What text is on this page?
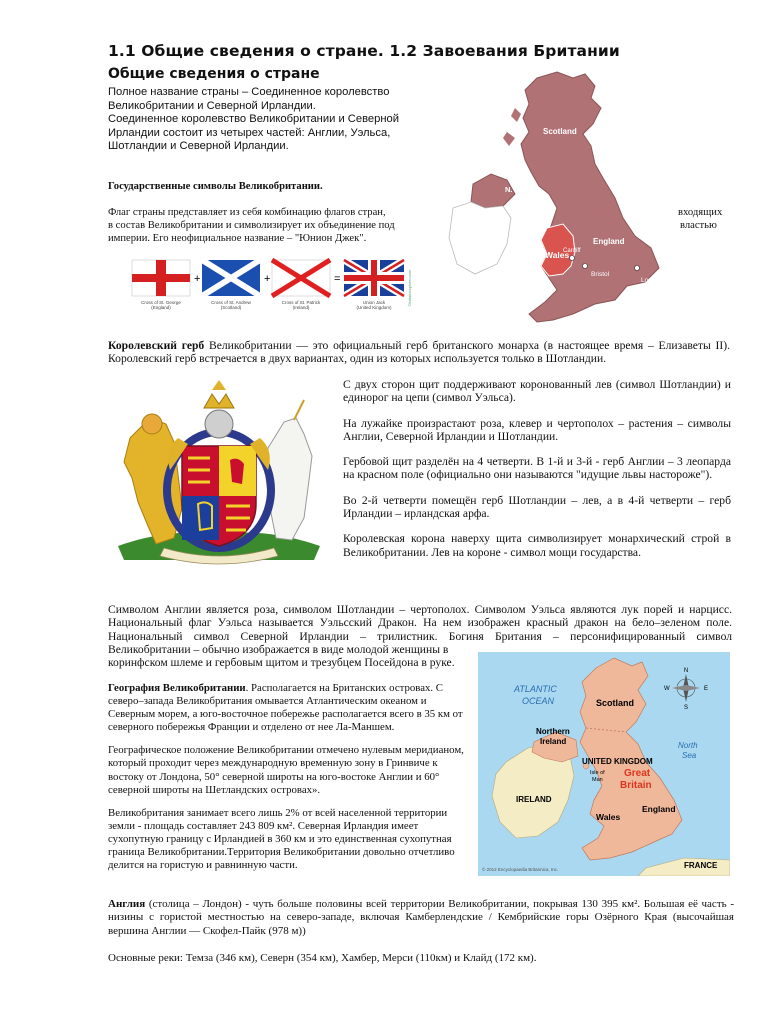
1.1 Общие сведения о стране. 1.2 Завоевания Британии
Общие сведения о стране

Полное название страны – Соединенное королевство Великобритании и Северной Ирландии.

Соединенное королевство Великобритании и Северной Ирландии состоит из четырех частей: Англии, Уэльса, Шотландии и Северной Ирландии.

Государственные символы Великобритании.
Флаг страны представляет из себя комбинацию флагов стран,	входящих
в состав Великобритании и символизирует их объединение под	властью
империи. Его неофициальное название – "Юнион Джек".
+	+	=
Cross of St. George
(England)
Cross of St. Andrew
(Scotland)
Cross of St. Patrick
(Ireland)
Union Jack
(United Kingdom)
©britainexplorer.com
Scotland
N. Ireland
England
Wales
Cardiff
Bristol
London
Королевский герб Великобритании — это официальный герб британского монарха (в настоящее время – Елизаветы II). Королевский герб встречается в двух вариантах, один из которых используется только в Шотландии.

С двух сторон щит поддерживают коронованный лев (символ Шотландии) и единорог на цепи (символ Уэльса).

На лужайке произрастают роза, клевер и чертополох – растения – символы Англии, Северной Ирландии и Шотландии.

Гербовой щит разделён на 4 четверти. В 1-й и 3-й - герб Англии – 3 леопарда на красном поле (официально они называются "идущие львы настороже").

Во 2-й четверти помещён герб Шотландии – лев, а в 4-й четверти – герб Ирландии – ирландская арфа.

Королевская корона наверху щита символизирует монархический строй в Великобритании. Лев на короне - символ мощи государства.

Символом Англии является роза, символом Шотландии – чертополох. Символом Уэльса являются лук порей и нарцисс.
Национальный флаг Уэльса называется Уэльсский Дракон. На нем изображен красный дракон на бело–зеленом поле.
Национальный символ Северной Ирландии – трилистник. Богиня Британия – персонифицированный символ
Великобритании – обычно изображается в виде молодой женщины в
коринфском шлеме и гербовым щитом и трезубцем Посейдона в руке.

География Великобритании. Располагается на Британских островах. С северо–запада Великобритания омывается Атлантическим океаном и Северным морем, а юго-восточное побережье располагается всего в 35 км от северного побережья Франции и отделено от нее Ла-Маншем.

Географическое положение Великобритании отмечено нулевым меридианом, который проходит через международную временную зону в Гринвиче к востоку от Лондона, 50° северной широты на юго-востоке Англии и 60° северной широты на Шетландских островах».

Великобритания занимает всего лишь 2% от всей населенной территории земли - площадь составляет 243 809 км². Северная Ирландия имеет сухопутную границу с Ирландией в 360 км и это единственная сухопутная граница Великобритании.Территория Великобритании довольно отчетливо делится на гористую и равнинную части.

N
E
S
W
ATLANTIC
OCEAN	Scotland
Northern
Ireland
UNITED KINGDOM
Great
Britain
Isle of
Man
IRELAND
Wales
England
North
Sea
FRANCE
© 2012 Encyclopaedia Britannica, Inc.
Англия (столица – Лондон) - чуть больше половины всей территории Великобритании, покрывая 130 395 км². Большая её часть - низины с гористой местностью на северо-западе, включая Камберлендские / Кембрийские горы Озёрного Края (высочайшая вершина Англии — Скофел-Пайк (978 м))
Основные реки: Темза (346 км), Северн (354 км), Хамбер, Мерси (110км) и Клайд (172 км).
